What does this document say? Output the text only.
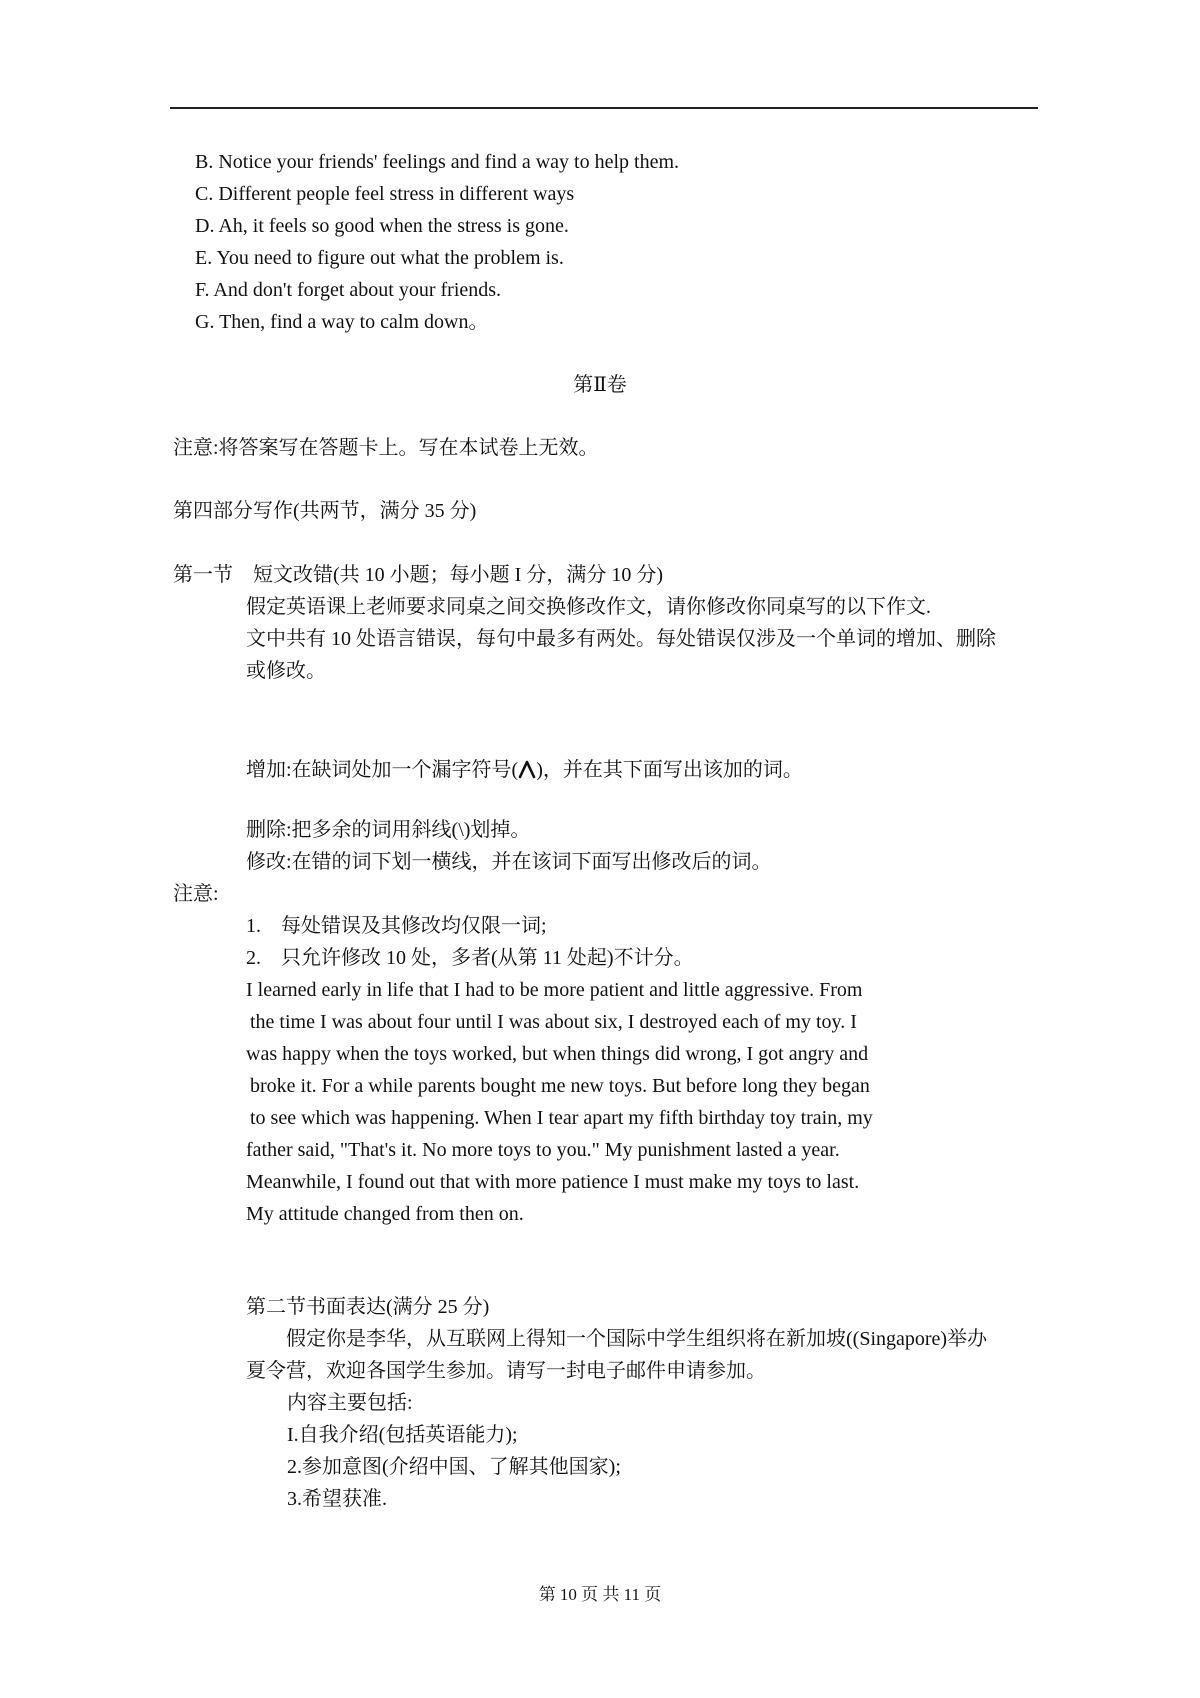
B. Notice your friends' feelings and find a way to help them.
C. Different people feel stress in different ways
D. Ah, it feels so good when the stress is gone.
E. You need to figure out what the problem is.
F. And don't forget about your friends.
G. Then, find a way to calm down。
第Ⅱ卷
注意:将答案写在答题卡上。写在本试卷上无效。
第四部分写作(共两节，满分 35 分)
第一节　短文改错(共 10 小题；每小题 I 分，满分 10 分)
假定英语课上老师要求同桌之间交换修改作文，请你修改你同桌写的以下作文.
文中共有 10 处语言错误，每句中最多有两处。每处错误仅涉及一个单词的增加、删除
或修改。
增加:在缺词处加一个漏字符号( )，并在其下面写出该加的词。
删除:把多余的词用斜线(\)划掉。
修改:在错的词下划一横线，并在该词下面写出修改后的词。
注意:
1.　每处错误及其修改均仅限一词;
2.　只允许修改 10 处，多者(从第 11 处起)不计分。
I learned early in life that I had to be more patient and little aggressive. From
the time I was about four until I was about six, I destroyed each of my toy. I
was happy when the toys worked, but when things did wrong, I got angry and
broke it. For a while parents bought me new toys. But before long they began
to see which was happening. When I tear apart my fifth birthday toy train, my
father said, "That's it. No more toys to you." My punishment lasted a year.
Meanwhile, I found out that with more patience I must make my toys to last.
My attitude changed from then on.
第二节书面表达(满分 25 分)
　　假定你是李华，从互联网上得知一个国际中学生组织将在新加坡((Singapore)举办
夏令营，欢迎各国学生参加。请写一封电子邮件申请参加。
内容主要包括:
I.自我介绍(包括英语能力);
2.参加意图(介绍中国、了解其他国家);
3.希望获准.
第 10 页 共 11 页
